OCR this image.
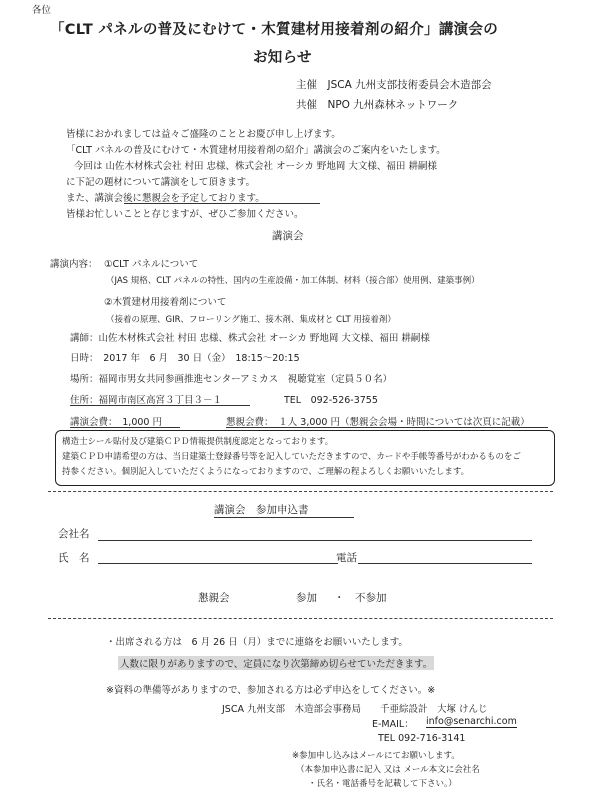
各位
「CLT パネルの普及にむけて・木質建材用接着剤の紹介」講演会の
お知らせ
主催　JSCA 九州支部技術委員会木造部会
共催　NPO 九州森林ネットワーク
皆様におかれましては益々ご盛隆のこととお慶び申し上げます。
「CLT パネルの普及にむけて・木質建材用接着剤の紹介」講演会のご案内をいたします。
今回は 山佐木材株式会社 村田 忠様、株式会社 オーシカ 野地岡 大文様、福田 耕嗣様
に下記の題材について講演をして頂きます。
また、講演会後に懇親会を予定しております。
皆様お忙しいことと存じますが、ぜひご参加ください。
講演会
講演内容： ①CLT パネルについて
（JAS 規格、CLT パネルの特性、国内の生産設備・加工体制、材料（接合部）使用例、建築事例）
②木質建材用接着剤について
（接着の原理、GIR、フローリング施工、接木剤、集成材と CLT 用接着剤）
講師：山佐木材株式会社 村田 忠様、株式会社 オーシカ 野地岡 大文様、福田 耕嗣様
日時：　2017 年　6 月　30 日（金）　18:15～20:15
場所：福岡市男女共同参画推進センターアミカス　視聴覚室（定員５０名）
住所：福岡市南区高宮３丁目３－１	TEL　092-526-3755
講演会費：　1,000 円	懇親会費：　１人 3,000 円（懇親会会場・時間については次頁に記載）
構造士シール貼付及び建築ＣＰＤ情報提供制度認定となっております。
建築ＣＰＤ申請希望の方は、当日建築士登録番号等を記入していただきますので、カードや手帳等番号がわかるものをご
持参ください。個別記入していただくようになっておりますので、ご理解の程よろしくお願いいたします。
講演会　参加申込書
会社名
氏　名	電話
懇親会	参加 ・ 不参加
・出席される方は　6 月 26 日（月）までに連絡をお願いいたします。
人数に限りがありますので、定員になり次第締め切らせていただきます。
※資料の準備等がありますので、参加される方は必ず申込をしてください。※
JSCA 九州支部　木造部会事務局　　千亜綜設計　大塚 けんじ
E-MAIL： info@senarchi.com
TEL 092-716-3141
※参加申し込みはメールにてお願いします。
（本参加申込書に記入 又は メール本文に会社名
・氏名・電話番号を記載して下さい。）
